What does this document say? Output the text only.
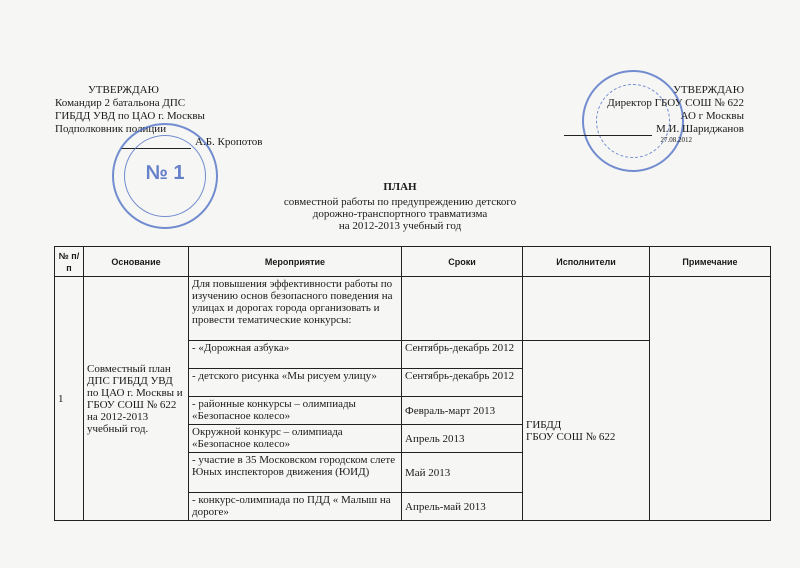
УТВЕРЖДАЮ
Командир 2 батальона ДПС
ГИБДД УВД по ЦАО г. Москвы
Подполковник полиции
А.Б. Кропотов
№ 1
УТВЕРЖДАЮ
Директор ГБОУ СОШ № 622
АО г Москвы
М.И. Шариджанов
27.08.2012
ПЛАН
совместной работы по предупреждению детского
дорожно-транспортного травматизма
на 2012-2013 учебный год
№ п/п	Основание	Мероприятие	Сроки	Исполнители	Примечание
1	Совместный план ДПС ГИБДД УВД по ЦАО г. Москвы и ГБОУ СОШ № 622 на 2012-2013 учебный год.	Для повышения эффективности работы по изучению основ безопасного поведения на улицах и дорогах города организовать и провести тематические конкурсы:			
		- «Дорожная азбука»	Сентябрь-декабрь 2012	ГИБДД
ГБОУ СОШ № 622	
		- детского рисунка «Мы рисуем улицу»	Сентябрь-декабрь 2012		
		- районные конкурсы – олимпиады «Безопасное колесо»	Февраль-март 2013		
		Окружной конкурс – олимпиада «Безопасное колесо»	Апрель 2013		
		- участие в 35 Московском городском слете Юных инспекторов движения (ЮИД)	Май 2013		
		- конкурс-олимпиада по ПДД « Малыш на дороге»	Апрель-май 2013		
